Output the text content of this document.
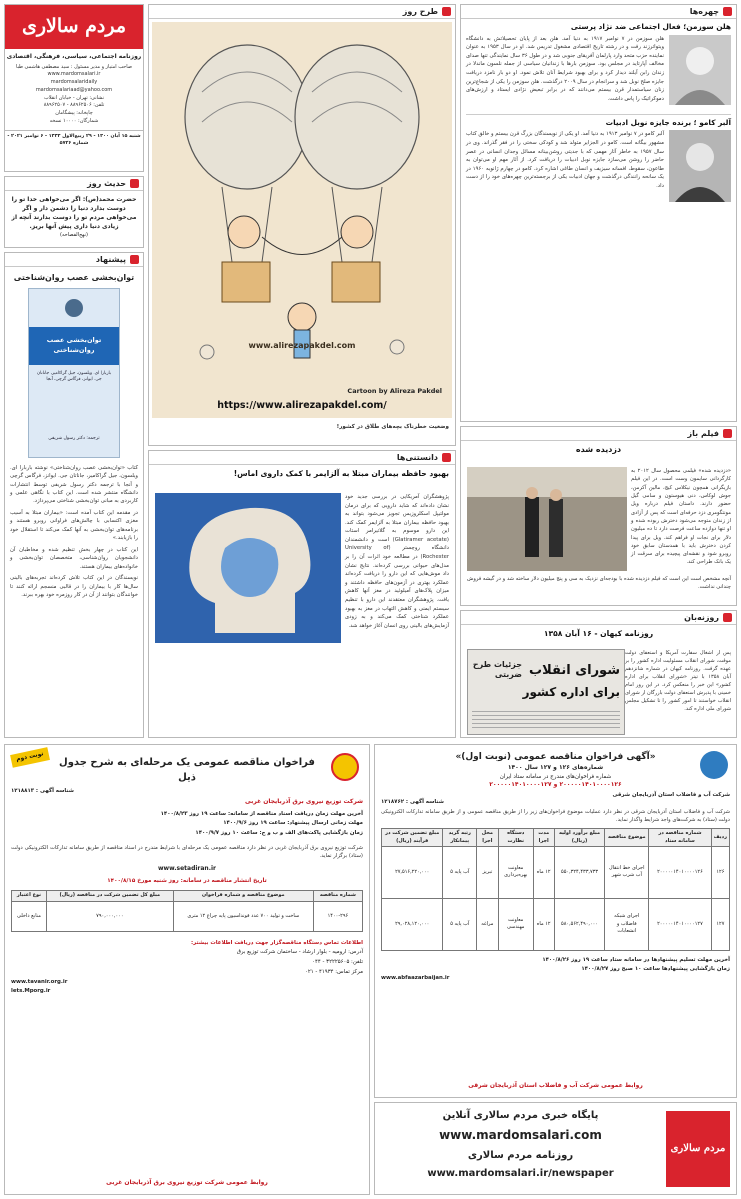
مردم سالاری
روزنامه اجتماعی، سیاسی، فرهنگی، اقتصادی
صاحب امتیاز و مدیر مسئول : سید مصطفی هاشمی طبا
www.mardomsalari.ir
mardomsalaridaily
mardomsalariaad@yahoo.com
نشانی: تهران - خیابان انقلاب
تلفن: ۸۸۹۶۲۵۰۶ - ۸۸۹۶۲۵۰۷
چاپخانه: پیشگامان
شمارگان: ۱۰۰۰۰ نسخه
شنبه ۱۵ آبان ۱۴۰۰ - ۲۹ ربیع‌الاول ۱۴۴۳ - ۶ نوامبر ۲۰۲۱ - شماره ۵۷۲۶
حدیث روز
حضرت محمد(ص): اگر می‌خواهی خدا تو را دوست بدارد دنیا را دشمن دار و اگر می‌خواهی مردم تو را دوست بدارند آنچه از زیادی دنیا داری پیش آنها بریز.
(نهج‌الفصاحه)
پیشنهاد
توان‌بخشی عصب روان‌شناختی
توان‌بخشی عصب روان‌شناختی
باربارا ای. ویلسون، جیل گراکامیر، جاناتان جی. ایوانز، فرگاس گرچی، آنجا
ترجمه: دکتر رسول شریفی

کتاب «توان‌بخشی عصب روان‌شناختی» نوشته باربارا ای. ویلسون، جیل گراکامیر، جاناتان جی. ایوانز، فرگاس گرچی و آنجا با ترجمه دکتر رسول شریفی توسط انتشارات دانشگاه منتشر شده است. این کتاب با نگاهی علمی و کاربردی به مبانی توان‌بخشی شناختی می‌پردازد.

در مقدمه این کتاب آمده است: «بیماران مبتلا به آسیب مغزی اکتسابی با چالش‌های فراوانی روبرو هستند و برنامه‌های توان‌بخشی به آنها کمک می‌کند تا استقلال خود را بازیابند.»

این کتاب در چهار بخش تنظیم شده و مخاطبان آن دانشجویان روان‌شناسی، متخصصان توان‌بخشی و خانواده‌های بیماران هستند.

نویسندگان در این کتاب تلاش کرده‌اند تجربه‌های بالینی سال‌ها کار با بیماران را در قالبی منسجم ارائه کنند تا خوانندگان بتوانند از آن در کار روزمره خود بهره ببرند.

طرح روز
www.alirezapakdel.com
Cartoon by Alireza Pakdel
https://www.alirezapakdel.com/
وضعیت خطرناک بچه‌های طلاق در کشور!
دانستنی‌ها
بهبود حافظه بیماران مبتلا به آلزایمر با کمک داروی اماس!
پژوهشگران آمریکایی در بررسی جدید خود نشان داده‌اند که شاید دارویی که برای درمان مولتیپل اسکلروزیس تجویز می‌شود بتواند به بهبود حافظه بیماران مبتلا به آلزایمر کمک کند. این دارو موسوم به گلاتیرامر استات (Glatiramer acetate) است و دانشمندان دانشگاه روچستر (University of Rochester) در مطالعه خود اثرات آن را بر مدل‌های حیوانی بررسی کرده‌اند. نتایج نشان داد موش‌هایی که این دارو را دریافت کرده‌اند عملکرد بهتری در آزمون‌های حافظه داشتند و میزان پلاک‌های آمیلوئید در مغز آنها کاهش یافت. پژوهشگران معتقدند این دارو با تنظیم سیستم ایمنی و کاهش التهاب در مغز به بهبود عملکرد شناختی کمک می‌کند و به زودی آزمایش‌های بالینی روی انسان آغاز خواهد شد.
چهره‌ها
هلن سوزمن؛ فعال اجتماعی ضد نژاد پرستی
هلن سوزمن در ۷ نوامبر ۱۹۱۷ به دنیا آمد. هلن بعد از پایان تحصیلاتش به دانشگاه ویتواترزند رفت و در رشته تاریخ اقتصادی مشغول تدریس شد. او در سال ۱۹۵۳ به عنوان نماینده حزب متحد وارد پارلمان آفریقای جنوبی شد و در طول ۳۶ سال نمایندگی تنها صدای مخالف آپارتاید در مجلس بود. سوزمن بارها با زندانیان سیاسی از جمله نلسون ماندلا در زندان رابن آیلند دیدار کرد و برای بهبود شرایط آنان تلاش نمود. او دو بار نامزد دریافت جایزه صلح نوبل شد و سرانجام در سال ۲۰۰۹ درگذشت. هلن سوزمن را یکی از شجاع‌ترین زنان سیاستمدار قرن بیستم می‌دانند که در برابر تبعیض نژادی ایستاد و ارزش‌های دموکراتیک را پاس داشت.
آلبر کامو ؛ برنده جایزه نوبل ادبیات
آلبر کامو در ۷ نوامبر ۱۹۱۳ به دنیا آمد. او یکی از نویسندگان بزرگ قرن بیستم و خالق کتاب مشهور بیگانه است. کامو در الجزایر متولد شد و کودکی سختی را در فقر گذراند. وی در سال ۱۹۵۷ به خاطر آثار مهمی که با جدیتی روشن‌بینانه مسائل وجدان انسانی در عصر حاضر را روشن می‌سازد جایزه نوبل ادبیات را دریافت کرد. از آثار مهم او می‌توان به طاعون، سقوط، افسانه سیزیف و انسان طاغی اشاره کرد. کامو در چهارم ژانویه ۱۹۶۰ در یک سانحه رانندگی درگذشت و جهان ادبیات یکی از برجسته‌ترین چهره‌های خود را از دست داد.
فیلم باز
دزدیده شده
«دزدیده شده» فیلمی محصول سال ۲۰۱۲ به کارگردانی سایمون وست است. در این فیلم بازیگرانی همچون نیکلاس کیج، مالین آکرمن، جوش لوکاس، دنی هیوستون و سامی گیل حضور دارند. داستان فیلم درباره ویل مونتگومری دزد حرفه‌ای است که پس از آزادی از زندان متوجه می‌شود دخترش ربوده شده و او تنها دوازده ساعت فرصت دارد تا ده میلیون دلار برای نجات او فراهم کند. ویل برای پیدا کردن دخترش باید با همدستان سابق خود روبرو شود و نقشه‌ای پیچیده برای سرقت از یک بانک طراحی کند.
آنچه مشخص است این است که فیلم دزدیده شده با بودجه‌ای نزدیک به سی و پنج میلیون دلار ساخته شد و در گیشه فروش چندانی نداشت.
روزنه‌بان
روزنامه کیهان - ۱۶ آبان ۱۳۵۸
پس از اشغال سفارت آمریکا و استعفای دولت موقت، شورای انقلاب مسئولیت اداره کشور را بر عهده گرفت. روزنامه کیهان در شماره شانزدهم آبان ۱۳۵۸ با تیتر «شورای انقلاب برای اداره کشور» این خبر را منعکس کرد. در این روز امام خمینی با پذیرش استعفای دولت بازرگان از شورای انقلاب خواستند تا امور کشور را تا تشکیل مجلس شورای ملی اداره کند.
جزئیات طرح ضربتی شورای انقلاب
برای اداره کشور
«آگهی فراخوان مناقصه عمومی (نوبت اول)»
شماره‌های ۱۲۶ و ۱۲۷ سال ۱۴۰۰
شماره فراخوان‌های مندرج در سامانه ستاد ایران
۲۰۰۰۰۰۱۴۰۱۰۰۰۰۱۲۶ و ۲۰۰۰۰۰۱۴۰۱۰۰۰۰۱۲۷
شرکت آب و فاضلاب استان آذربایجان شرقی
شناسه آگهی : ۱۲۱۸۷۶۲
شرکت آب و فاضلاب استان آذربایجان شرقی در نظر دارد عملیات موضوع فراخوان‌های زیر را از طریق مناقصه عمومی و از طریق سامانه تدارکات الکترونیکی دولت (ستاد) به شرکت‌های واجد شرایط واگذار نماید.
ردیف	شماره مناقصه در سامانه ستاد	موضوع مناقصه	مبلغ برآورد اولیه (ریال)	مدت اجرا	دستگاه نظارت	محل اجرا	رتبه گرید پیمانکار	مبلغ تضمین شرکت در فرآیند (ریال)
۱۲۶	۲۰۰۰۰۰۱۴۰۱۰۰۰۰۱۲۶	اجرای خط انتقال آب شرب شهر	۵۵۰,۳۲۴,۴۳۳,۷۳۳	۱۲ ماه	معاونت بهره‌برداری	تبریز	آب پایه ۵	۲۷,۵۱۶,۲۲۰,۰۰۰
۱۲۷	۲۰۰۰۰۰۱۴۰۱۰۰۰۰۱۲۷	اجرای شبکه فاضلاب و انشعابات	۵۸۰,۵۶۲,۴۹۰,۰۰۰	۱۲ ماه	معاونت مهندسی	مراغه	آب پایه ۵	۲۹,۰۲۸,۱۲۰,۰۰۰
آخرین مهلت تسلیم پیشنهادها در سامانه ستاد ساعت ۱۹ روز ۱۴۰۰/۸/۲۶
زمان بازگشایی پیشنهادها ساعت ۱۰ صبح روز ۱۴۰۰/۸/۲۷
www.abfaazarbaijan.ir
روابط عمومی شرکت آب و فاضلاب استان آذربایجان شرقی
نوبت دوم	فراخوان مناقصه عمومی یک مرحله‌ای به شرح جدول ذیل
شناسه آگهی : ۱۲۱۸۸۱۳
شرکت توزیع نیروی برق آذربایجان غربی
آخرین مهلت زمان دریافت اسناد مناقصه از سامانه: ساعت ۱۹ روز ۱۴۰۰/۸/۲۳
مهلت زمانی ارسال پیشنهاد: ساعت ۱۹ روز ۱۴۰۰/۹/۶
زمان بازگشایی پاکت‌های الف و ب و ج: ساعت ۱۰ روز ۱۴۰۰/۹/۷
شرکت توزیع نیروی برق آذربایجان غربی در نظر دارد مناقصه عمومی یک مرحله‌ای با شرایط مندرج در اسناد مناقصه از طریق سامانه تدارکات الکترونیکی دولت (ستاد) برگزار نماید.
www.setadiran.ir
تاریخ انتشار مناقصه در سامانه: روز شنبه مورخ ۱۴۰۰/۸/۱۵
شماره مناقصه	موضوع مناقصه و شماره فراخوان	مبلغ کل تضمین شرکت در مناقصه (ریال)	نوع اعتبار
۱۴۰۰-۲۹۶	ساخت و تولید ۷۰۰ عدد فونداسیون پایه چراغ ۱۲ متری	۷۹۰,۰۰۰,۰۰۰	منابع داخلی
اطلاعات تماس دستگاه مناقصه‌گزار جهت دریافت اطلاعات بیشتر:
آدرس: ارومیه - بلوار ارشاد - ساختمان شرکت توزیع برق
تلفن: ۳۲۲۲۵۶۰۵ - ۰۴۴
مرکز تماس: ۴۱۹۳۴ - ۰۲۱
www.tavanir.org.ir
lets.Mporg.ir
روابط عمومی شرکت توزیع نیروی برق آذربایجان غربی
مردم سالاری
پایگاه خبری مردم سالاری آنلاین
www.mardomsalari.com
روزنامه مردم سالاری
www.mardomsalari.ir/newspaper
